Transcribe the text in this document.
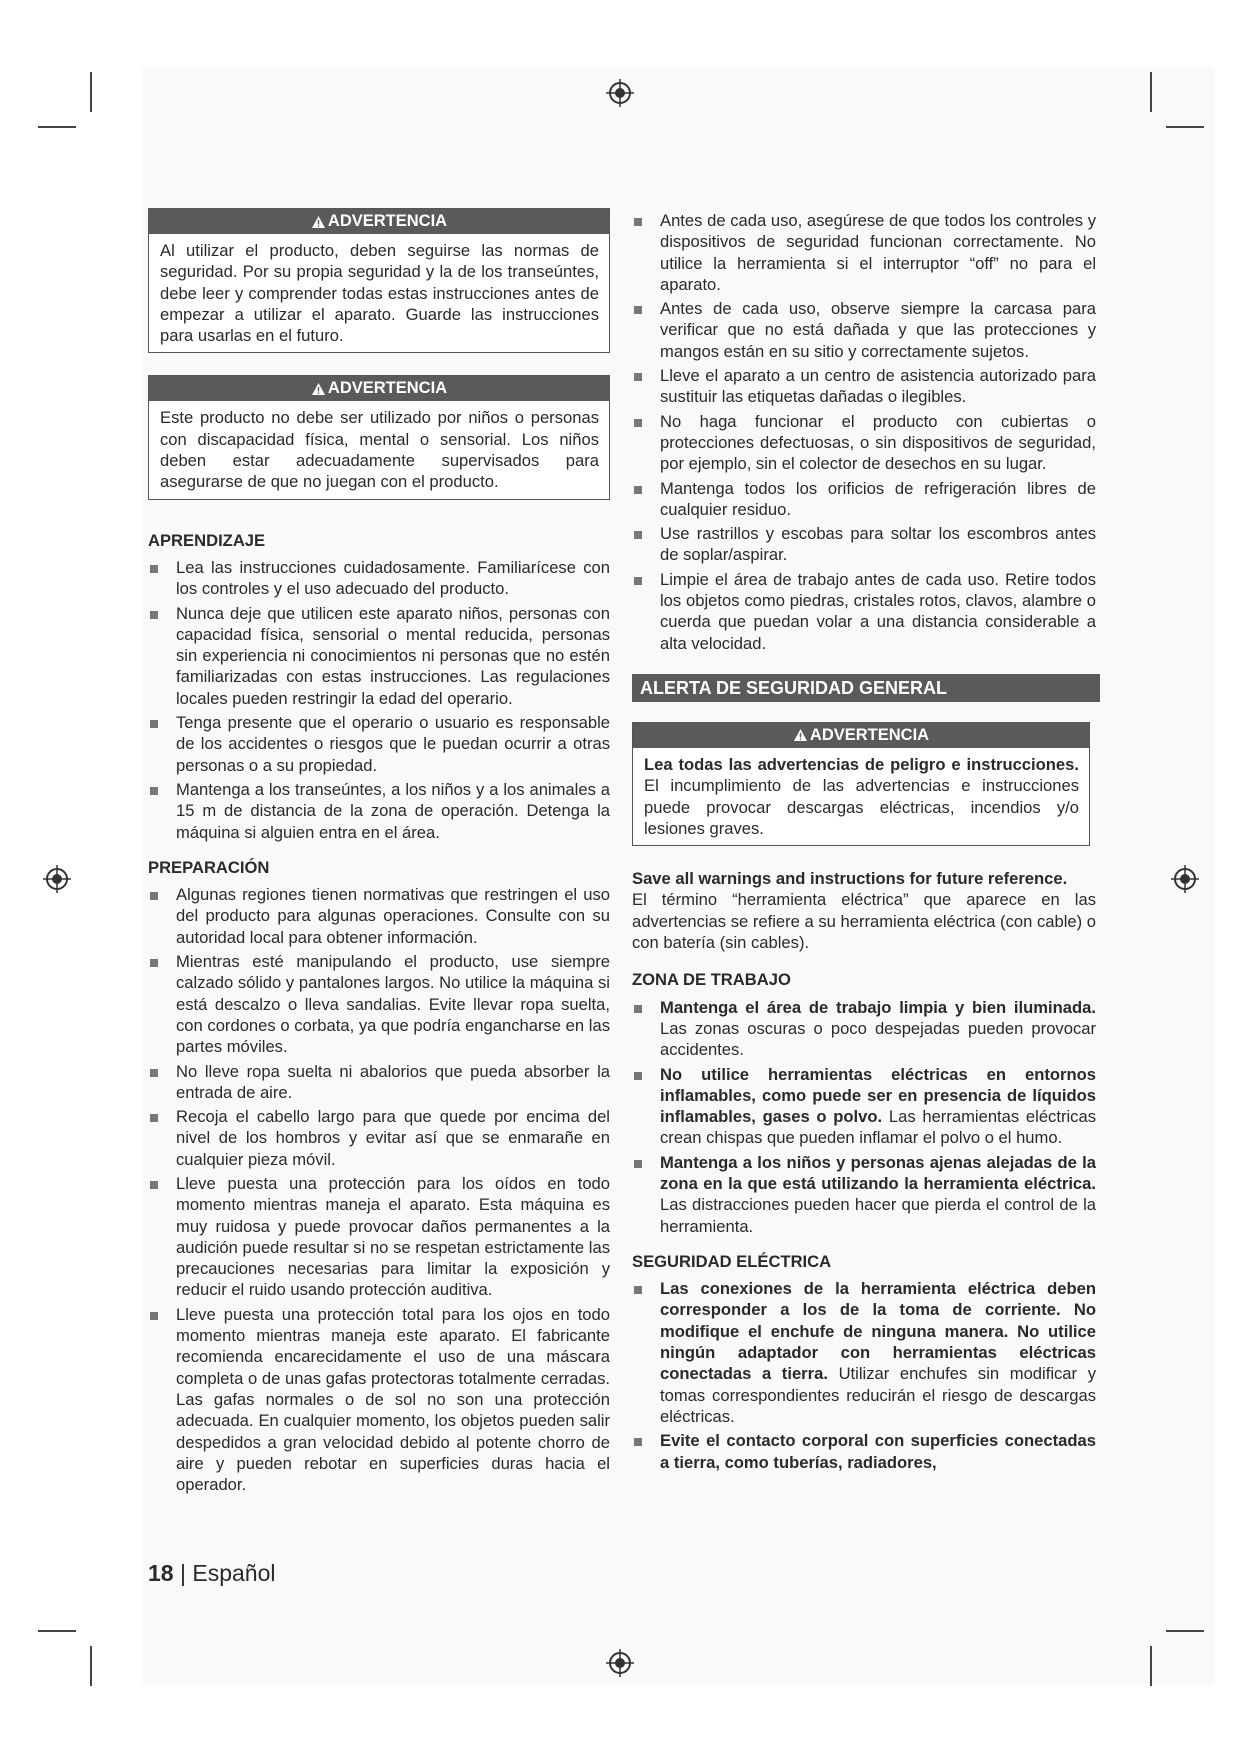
ADVERTENCIA
Al utilizar el producto, deben seguirse las normas de seguridad. Por su propia seguridad y la de los transeúntes, debe leer y comprender todas estas instrucciones antes de empezar a utilizar el aparato. Guarde las instrucciones para usarlas en el futuro.
ADVERTENCIA
Este producto no debe ser utilizado por niños o personas con discapacidad física, mental o sensorial. Los niños deben estar adecuadamente supervisados para asegurarse de que no juegan con el producto.
APRENDIZAJE
Lea las instrucciones cuidadosamente. Familiarícese con los controles y el uso adecuado del producto.
Nunca deje que utilicen este aparato niños, personas con capacidad física, sensorial o mental reducida, personas sin experiencia ni conocimientos ni personas que no estén familiarizadas con estas instrucciones. Las regulaciones locales pueden restringir la edad del operario.
Tenga presente que el operario o usuario es responsable de los accidentes o riesgos que le puedan ocurrir a otras personas o a su propiedad.
Mantenga a los transeúntes, a los niños y a los animales a 15 m de distancia de la zona de operación. Detenga la máquina si alguien entra en el área.
PREPARACIÓN
Algunas regiones tienen normativas que restringen el uso del producto para algunas operaciones. Consulte con su autoridad local para obtener información.
Mientras esté manipulando el producto, use siempre calzado sólido y pantalones largos. No utilice la máquina si está descalzo o lleva sandalias. Evite llevar ropa suelta, con cordones o corbata, ya que podría engancharse en las partes móviles.
No lleve ropa suelta ni abalorios que pueda absorber la entrada de aire.
Recoja el cabello largo para que quede por encima del nivel de los hombros y evitar así que se enmarañe en cualquier pieza móvil.
Lleve puesta una protección para los oídos en todo momento mientras maneja el aparato. Esta máquina es muy ruidosa y puede provocar daños permanentes a la audición puede resultar si no se respetan estrictamente las precauciones necesarias para limitar la exposición y reducir el ruido usando protección auditiva.
Lleve puesta una protección total para los ojos en todo momento mientras maneja este aparato. El fabricante recomienda encarecidamente el uso de una máscara completa o de unas gafas protectoras totalmente cerradas. Las gafas normales o de sol no son una protección adecuada. En cualquier momento, los objetos pueden salir despedidos a gran velocidad debido al potente chorro de aire y pueden rebotar en superficies duras hacia el operador.
Antes de cada uso, asegúrese de que todos los controles y dispositivos de seguridad funcionan correctamente. No utilice la herramienta si el interruptor “off” no para el aparato.
Antes de cada uso, observe siempre la carcasa para verificar que no está dañada y que las protecciones y mangos están en su sitio y correctamente sujetos.
Lleve el aparato a un centro de asistencia autorizado para sustituir las etiquetas dañadas o ilegibles.
No haga funcionar el producto con cubiertas o protecciones defectuosas, o sin dispositivos de seguridad, por ejemplo, sin el colector de desechos en su lugar.
Mantenga todos los orificios de refrigeración libres de cualquier residuo.
Use rastrillos y escobas para soltar los escombros antes de soplar/aspirar.
Limpie el área de trabajo antes de cada uso. Retire todos los objetos como piedras, cristales rotos, clavos, alambre o cuerda que puedan volar a una distancia considerable a alta velocidad.
ALERTA DE SEGURIDAD GENERAL
ADVERTENCIA
Lea todas las advertencias de peligro e instrucciones. El incumplimiento de las advertencias e instrucciones puede provocar descargas eléctricas, incendios y/o lesiones graves.
Save all warnings and instructions for future reference.
El término “herramienta eléctrica” que aparece en las advertencias se refiere a su herramienta eléctrica (con cable) o con batería (sin cables).
ZONA DE TRABAJO
Mantenga el área de trabajo limpia y bien iluminada. Las zonas oscuras o poco despejadas pueden provocar accidentes.
No utilice herramientas eléctricas en entornos inflamables, como puede ser en presencia de líquidos inflamables, gases o polvo. Las herramientas eléctricas crean chispas que pueden inflamar el polvo o el humo.
Mantenga a los niños y personas ajenas alejadas de la zona en la que está utilizando la herramienta eléctrica. Las distracciones pueden hacer que pierda el control de la herramienta.
SEGURIDAD ELÉCTRICA
Las conexiones de la herramienta eléctrica deben corresponder a los de la toma de corriente. No modifique el enchufe de ninguna manera. No utilice ningún adaptador con herramientas eléctricas conectadas a tierra. Utilizar enchufes sin modificar y tomas correspondientes reducirán el riesgo de descargas eléctricas.
Evite el contacto corporal con superficies conectadas a tierra, como tuberías, radiadores,
18 | Español
